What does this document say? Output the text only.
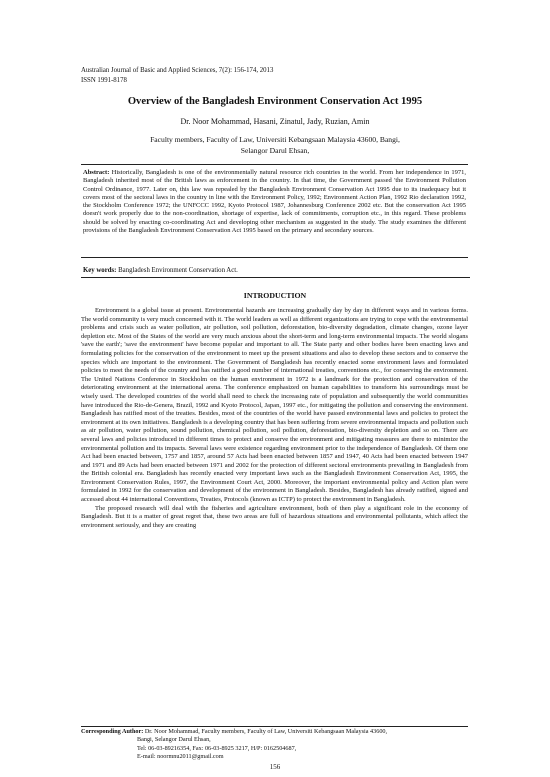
Australian Journal of Basic and Applied Sciences, 7(2): 156-174, 2013
ISSN 1991-8178
Overview of the Bangladesh Environment Conservation Act 1995
Dr. Noor Mohammad, Hasani, Zinatul, Jady, Ruzian, Amin
Faculty members, Faculty of Law, Universiti Kebangsaan Malaysia 43600, Bangi,
Selangor Darul Ehsan,
Abstract: Historically, Bangladesh is one of the environmentally natural resource rich countries in the world. From her independence in 1971, Bangladesh inherited most of the British laws as enforcement in the country. In that time, the Government passed 'the Environment Pollution Control Ordinance, 1977. Later on, this law was repealed by the Bangladesh Environment Conservation Act 1995 due to its inadequacy but it covers most of the sectoral laws in the country in line with the Environment Policy, 1992; Environment Action Plan, 1992 Rio declaration 1992, the Stockholm Conference 1972; the UNFCCC 1992, Kyoto Protocol 1987, Johannesburg Conference 2002 etc. But the conservation Act 1995 doesn't work properly due to the non-coordination, shortage of expertise, lack of commitments, corruption etc., in this regard. These problems should be solved by enacting co-coordinating Act and developing other mechanism as suggested in the study. The study examines the different provisions of the Bangladesh Environment Conservation Act 1995 based on the primary and secondary sources.
Key words: Bangladesh Environment Conservation Act.
INTRODUCTION

Environment is a global issue at present. Environmental hazards are increasing gradually day by day in different ways and in various forms. The world community is very much concerned with it. The world leaders as well as different organizations are trying to cope with the environmental problems and crisis such as water pollution, air pollution, soil pollution, deforestation, bio-diversity degradation, climate changes, ozone layer depletion etc. Most of the States of the world are very much anxious about the short-term and long-term environmental impacts. The world slogans 'save the earth'; 'save the environment' have become popular and important to all. The State party and other bodies have been enacting laws and formulating policies for the conservation of the environment to meet up the present situations and also to develop these sectors and to conserve the species which are important to the environment. The Government of Bangladesh has recently enacted some environment laws and formulated policies to meet the needs of the country and has ratified a good number of international treaties, conventions etc., for conserving the environment. The United Nations Conference in Stockholm on the human environment in 1972 is a landmark for the protection and conservation of the deteriorating environment at the international arena. The conference emphasized on human capabilities to transform his surroundings must be wisely used. The developed countries of the world shall need to check the increasing rate of population and subsequently the world communities have introduced the Rio-de-Genera, Brazil, 1992 and Kyoto Protocol, Japan, 1997 etc., for mitigating the pollution and conserving the environment. Bangladesh has ratified most of the treaties. Besides, most of the countries of the world have passed environmental laws and policies to protect the environment at its own initiatives. Bangladesh is a developing country that has been suffering from severe environmental impacts and pollution such as air pollution, water pollution, sound pollution, chemical pollution, soil pollution, deforestation, bio-diversity depletion and so on. There are several laws and policies introduced in different times to protect and conserve the environment and mitigating measures are there to minimize the environmental pollution and its impacts. Several laws were existence regarding environment prior to the independence of Bangladesh. Of them one Act had been enacted between, 1757 and 1857, around 57 Acts had been enacted between 1857 and 1947, 40 Acts had been enacted between 1947 and 1971 and 89 Acts had been enacted between 1971 and 2002 for the protection of different sectoral environments prevailing in Bangladesh from the British colonial era. Bangladesh has recently enacted very important laws such as the Bangladesh Environment Conservation Act, 1995, the Environment Conservation Rules, 1997, the Environment Court Act, 2000. Moreover, the important environmental policy and Action plan were formulated in 1992 for the conservation and development of the environment in Bangladesh. Besides, Bangladesh has already ratified, signed and accessed about 44 international Conventions, Treaties, Protocols (known as ICTP) to protect the environment in Bangladesh.

The proposed research will deal with the fisheries and agriculture environment, both of then play a significant role in the economy of Bangladesh. But it is a matter of great regret that, these two areas are full of hazardous situations and environmental pollutants, which affect the environment seriously, and they are creating

Corresponding Author:
Dr. Noor Mohammad, Faculty members, Faculty of Law, Universiti Kebangsaan Malaysia 43600,
Bangi, Selangor Darul Ehsan,
Tel: 06-03-89216354, Fax: 06-03-8925 3217, H/P: 0162504687,
E-mail: noormnu2011@gmail.com
156
